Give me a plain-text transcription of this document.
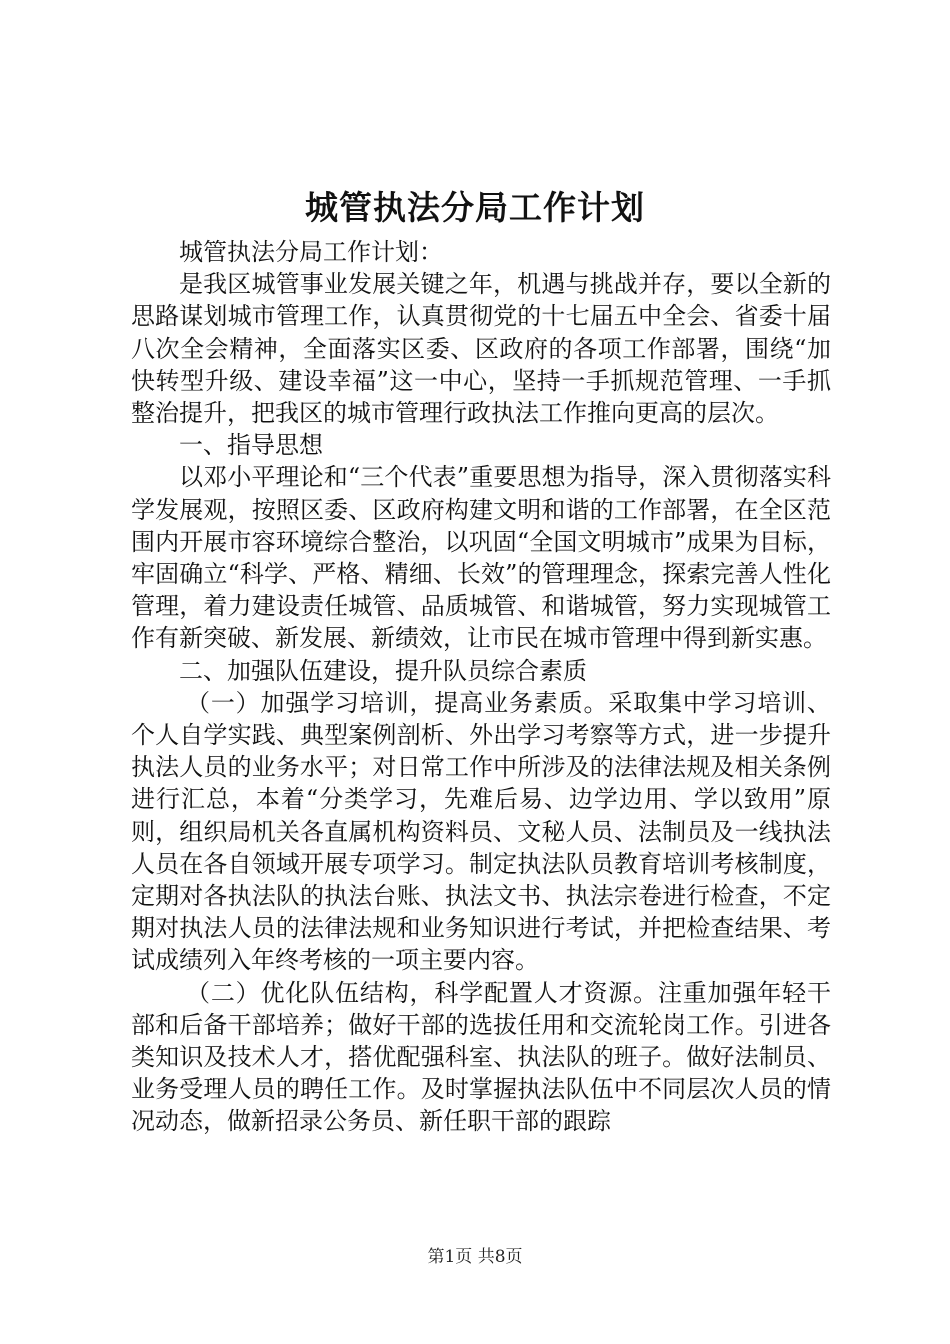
城管执法分局工作计划

城管执法分局工作计划：

是我区城管事业发展关键之年，机遇与挑战并存，要以全新的思路谋划城市管理工作，认真贯彻党的十七届五中全会、省委十届八次全会精神，全面落实区委、区政府的各项工作部署，围绕“加快转型升级、建设幸福”这一中心，坚持一手抓规范管理、一手抓整治提升，把我区的城市管理行政执法工作推向更高的层次。

一、指导思想

以邓小平理论和“三个代表”重要思想为指导，深入贯彻落实科学发展观，按照区委、区政府构建文明和谐的工作部署，在全区范围内开展市容环境综合整治，以巩固“全国文明城市”成果为目标，牢固确立“科学、严格、精细、长效”的管理理念，探索完善人性化管理，着力建设责任城管、品质城管、和谐城管，努力实现城管工作有新突破、新发展、新绩效，让市民在城市管理中得到新实惠。

二、加强队伍建设，提升队员综合素质

（一）加强学习培训，提高业务素质。采取集中学习培训、个人自学实践、典型案例剖析、外出学习考察等方式，进一步提升执法人员的业务水平；对日常工作中所涉及的法律法规及相关条例进行汇总，本着“分类学习，先难后易、边学边用、学以致用”原则，组织局机关各直属机构资料员、文秘人员、法制员及一线执法人员在各自领域开展专项学习。制定执法队员教育培训考核制度，定期对各执法队的执法台账、执法文书、执法宗卷进行检查，不定期对执法人员的法律法规和业务知识进行考试，并把检查结果、考试成绩列入年终考核的一项主要内容。

（二）优化队伍结构，科学配置人才资源。注重加强年轻干部和后备干部培养；做好干部的选拔任用和交流轮岗工作。引进各类知识及技术人才，搭优配强科室、执法队的班子。做好法制员、业务受理人员的聘任工作。及时掌握执法队伍中不同层次人员的情况动态，做新招录公务员、新任职干部的跟踪

第1页 共8页
